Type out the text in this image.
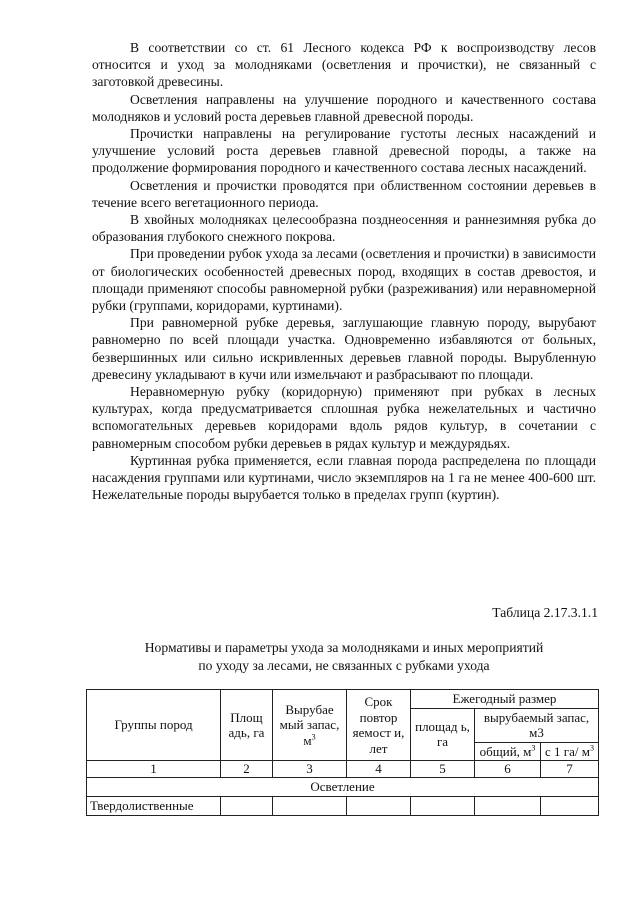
В соответствии со ст. 61 Лесного кодекса РФ к воспроизводству лесов относится и уход за молодняками (осветления и прочистки), не связанный с заготовкой древесины.

Осветления направлены на улучшение породного и качественного состава молодняков и условий роста деревьев главной древесной породы.

Прочистки направлены на регулирование густоты лесных насаждений и улучшение условий роста деревьев главной древесной породы, а также на продолжение формирования породного и качественного состава лесных насаждений.

Осветления и прочистки проводятся при облиственном состоянии деревьев в течение всего вегетационного периода.

В хвойных молодняках целесообразна позднеосенняя и раннезимняя рубка до образования глубокого снежного покрова.

При проведении рубок ухода за лесами (осветления и прочистки) в зависимости от биологических особенностей древесных пород, входящих в состав древостоя, и площади применяют способы равномерной рубки (разреживания) или неравномерной рубки (группами, коридорами, куртинами).

При равномерной рубке деревья, заглушающие главную породу, вырубают равномерно по всей площади участка. Одновременно избавляются от больных, безвершинных или сильно искривленных деревьев главной породы. Вырубленную древесину укладывают в кучи или измельчают и разбрасывают по площади.

Неравномерную рубку (коридорную) применяют при рубках в лесных культурах, когда предусматривается сплошная рубка нежелательных и частично вспомогательных деревьев коридорами вдоль рядов культур, в сочетании с равномерным способом рубки деревьев в рядах культур и междурядьях.

Куртинная рубка применяется, если главная порода распределена по площади насаждения группами или куртинами, число экземпляров на 1 га не менее 400-600 шт. Нежелательные породы вырубается только в пределах групп (куртин).

Таблица 2.17.3.1.1
Нормативы и параметры ухода за молодняками и иных мероприятий
по уходу за лесами, не связанных с рубками ухода
Группы пород	Площ адь, га	Вырубае мый запас, $м^3$	Срок повтор яемост и, лет	Ежегодный размер		
				площад ь, га	вырубаемый запас, м3	
					общий, $м^3$	с 1 га/ $м^3$
1	2	3	4	5	6	7
Осветление						
Твердолиственные						
